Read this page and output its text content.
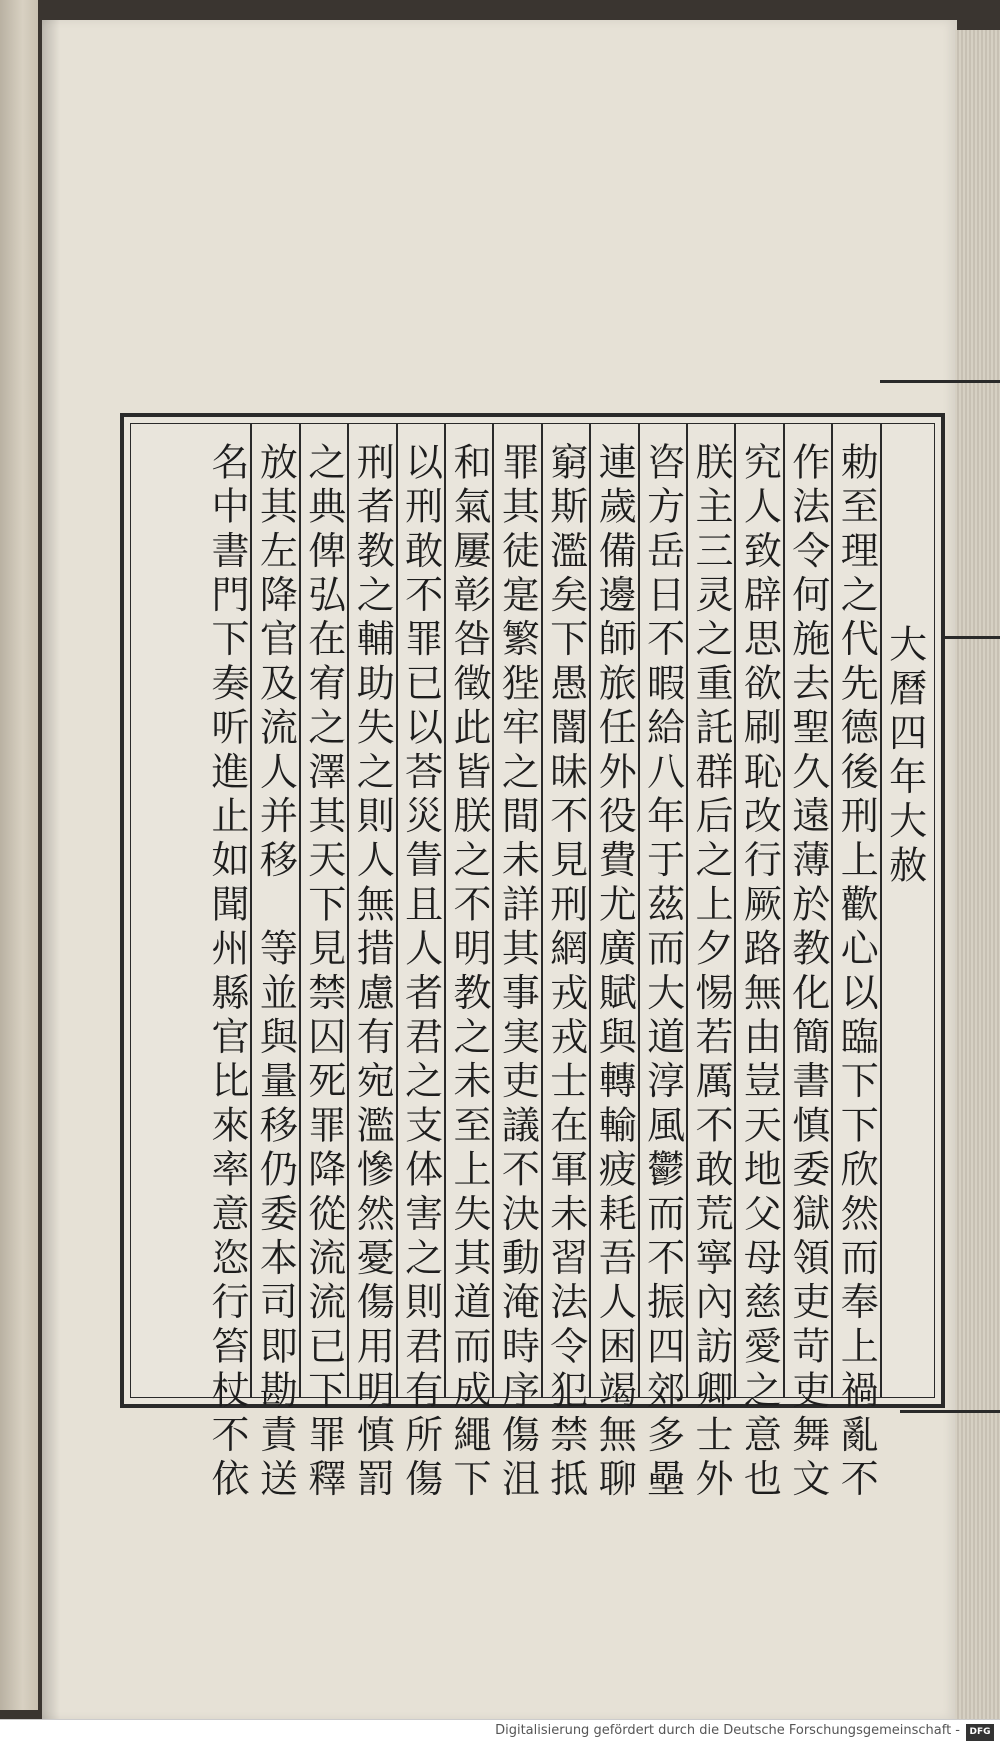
大曆四年大赦
勅至理之代先德後刑上歡心以臨下下欣然而奉上禍亂不
作法令何施去聖久遠薄於教化簡書慎委獄領吏苛吏舞文
究人致辟思欲刷恥改行厥路無由豈天地父母慈愛之意也
朕主三灵之重託群后之上夕惕若厲不敢荒寧內訪卿士外
咨方岳日不暇給八年于茲而大道淳風鬱而不振四郊多壘
連歲備邊師旅任外役費尤廣賦與轉輸疲耗吾人困竭無聊
窮斯濫矣下愚闇昧不見刑網戎戎士在軍未習法令犯禁抵
罪其徒寔繁狴牢之間未詳其事実吏議不決動淹時序傷沮
和氣屢彰咎徵此皆朕之不明教之未至上失其道而成繩下
以刑敢不罪已以荅災眚且人者君之支体害之則君有所傷
刑者教之輔助失之則人無措慮有宛濫慘然憂傷用明慎罰
之典俾弘在宥之澤其天下見禁囚死罪降從流流已下罪釋
放其左降官及流人并移　等並與量移仍委本司即勘責送
名中書門下奏听進止如聞州縣官比來率意恣行笞杖不依
Digitalisierung gefördert durch die Deutsche Forschungsgemeinschaft -	DFG
